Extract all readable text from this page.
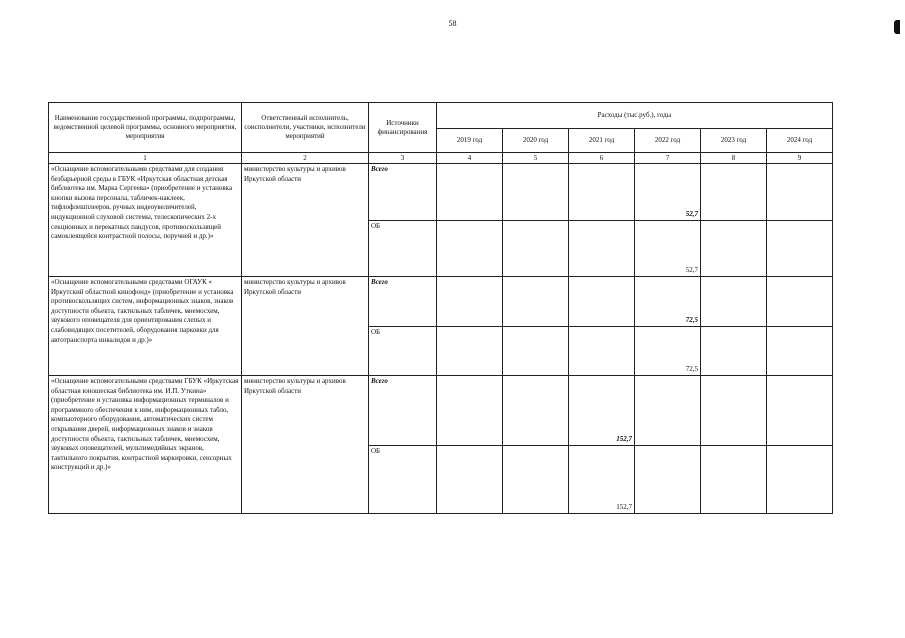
58
Наименование государственной программы, подпрограммы, ведомственной целевой программы, основного мероприятия, мероприятия	Ответственный исполнитель, соисполнители, участники, исполнители мероприятий	Источники финансирования	Расходы (тыс.руб.), годы					
			2019 год	2020 год	2021 год	2022 год	2023 год	2024 год
1	2	3	4	5	6	7	8	9
«Оснащение вспомогательными средствами для создания безбарьерной среды в ГБУК «Иркутская областная детская библиотека им. Марка Сергеева» (приобретение и установка кнопки вызова персонала, табличек-наклеек, тифлофлешплееров, ручных видеоувеличителей, индукционной слуховой системы, телескопических 2-х секционных и перекатных пандусов, противоскользящей самоклеящейся контрастной полосы, поручней и др.)»	министерство культуры и архивов Иркутской области	Всего				52,7		
		ОБ				52,7		
«Оснащение вспомогательными средствами ОГАУК « Иркутский областной кинофонд» (приобретение и установка противоскользящих систем, информационных знаков, знаков доступности объекта, тактильных табличек, мнемосхем, звукового оповещателя для ориентирования слепых и слабовидящих посетителей, оборудования парковки для автотранспорта инвалидов и др.)»	министерство культуры и архивов Иркутской области	Всего				72,5		
		ОБ				72,5		
«Оснащение вспомогательными средствами ГБУК «Иркутская областная юношеская библиотека им. И.П. Уткина» (приобретение и установка информационных терминалов и программного обеспечения к ним, информационных табло, компьютерного оборудования, автоматических систем открывания дверей, информационных знаков и знаков доступности объекта, тактильных табличек, мнемосхем, звуковых оповещателей, мультимедийных экранов, тактильного покрытия, контрастной маркировки, сенсорных конструкций и др.)»	министерство культуры и архивов Иркутской области	Всего			152,7			
		ОБ			152,7			
